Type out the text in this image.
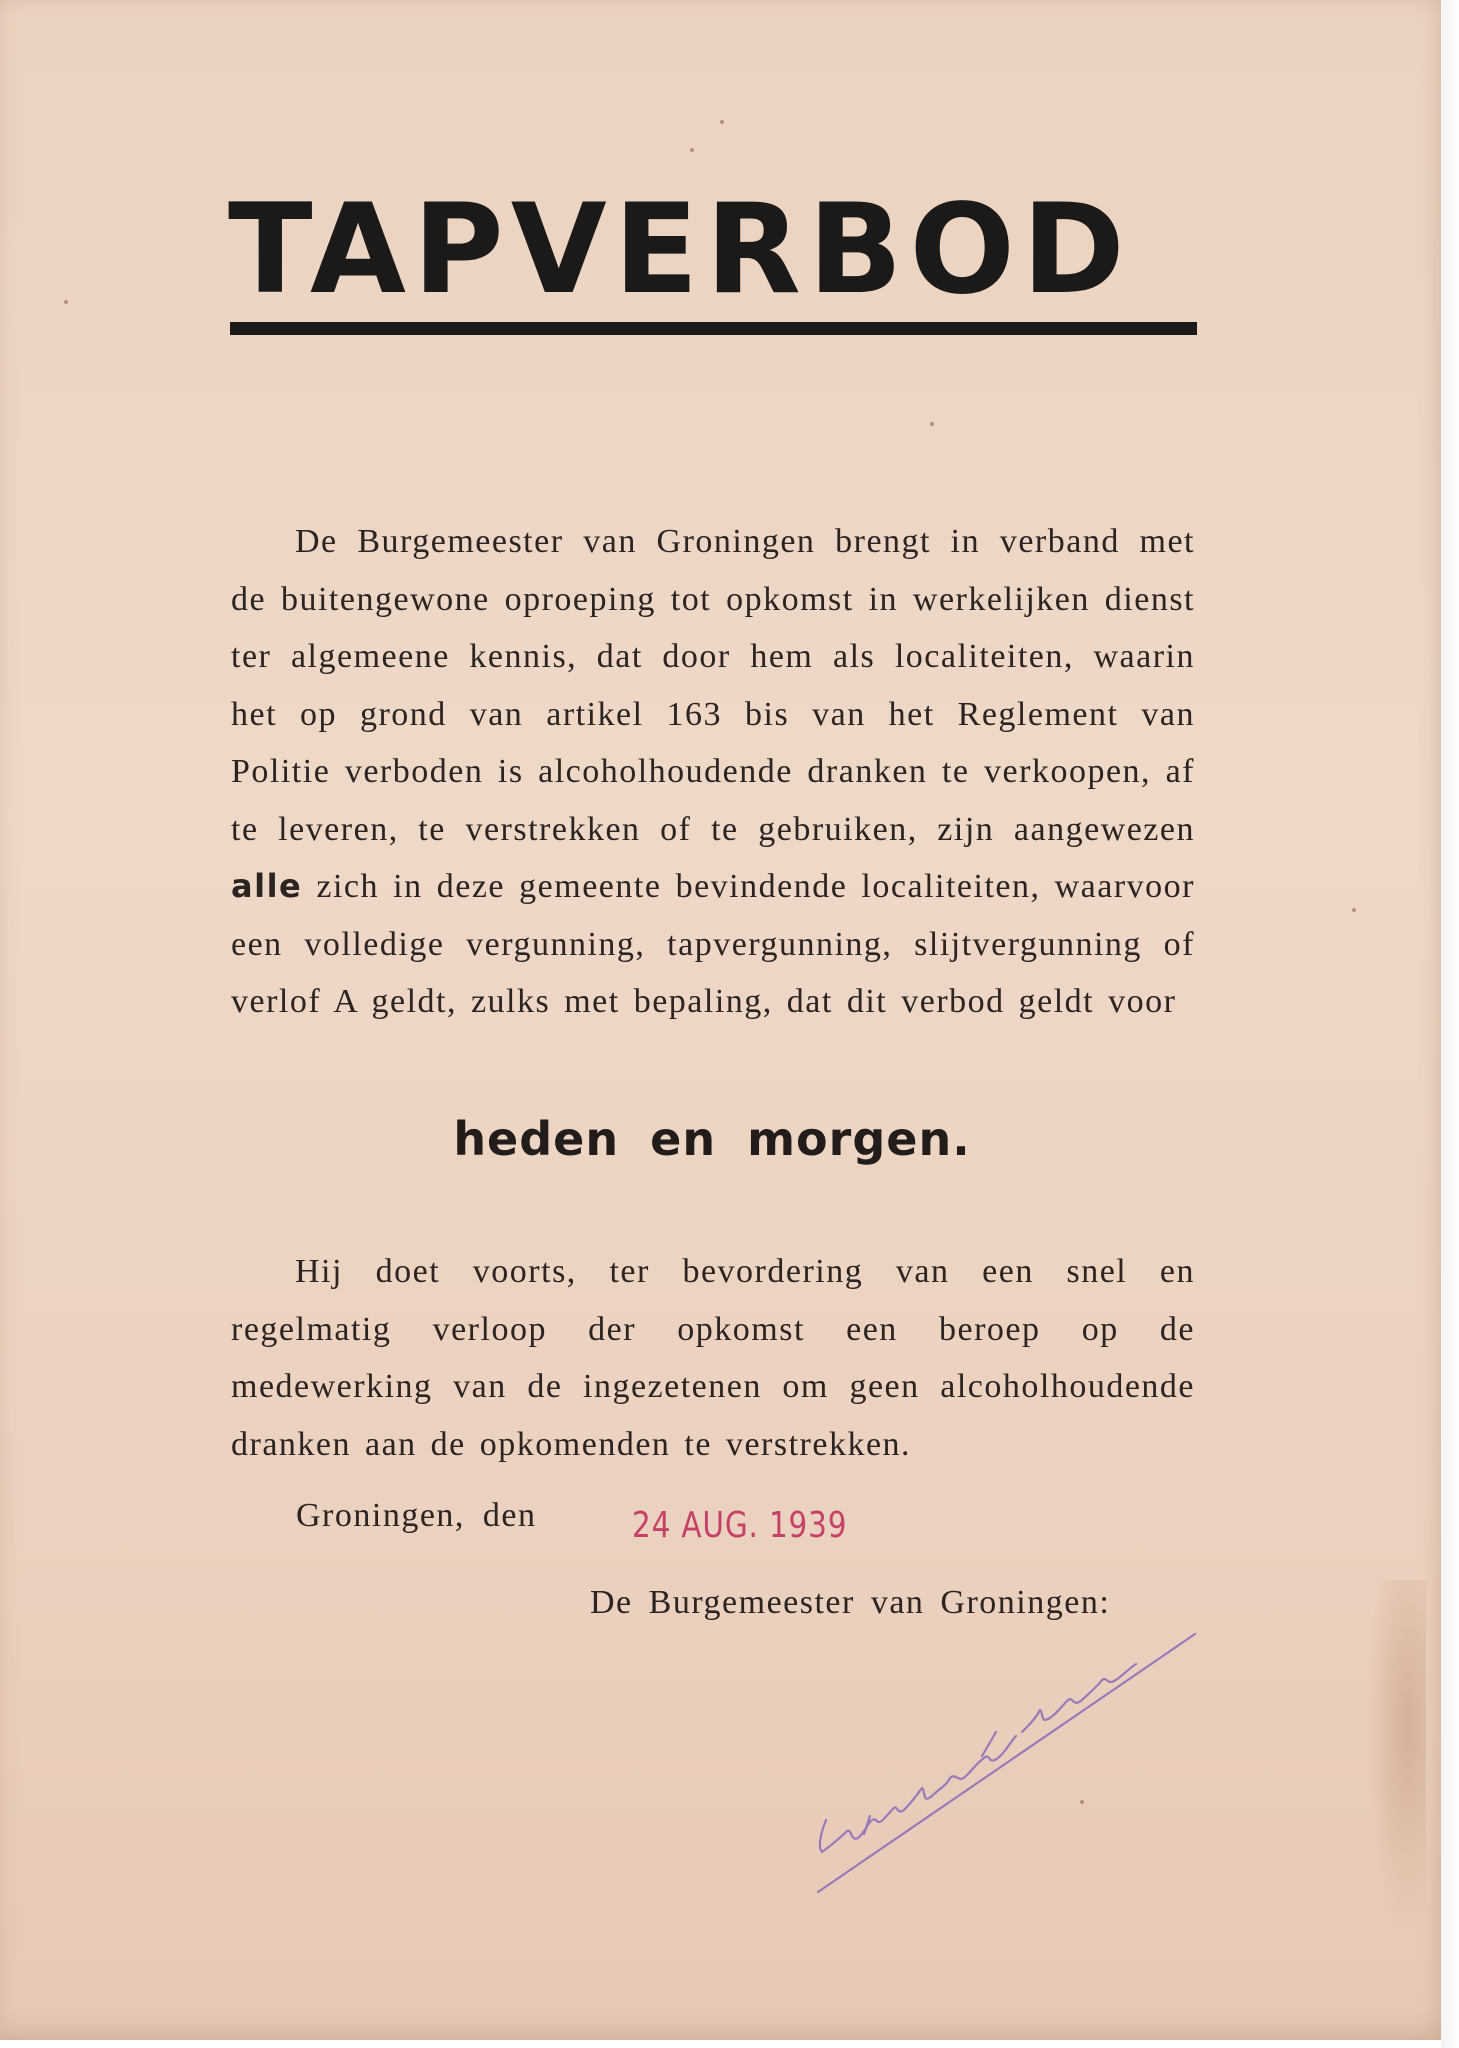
TAPVERBOD

De Burgemeester van Groningen brengt in verband met de buitengewone oproeping tot opkomst in werkelijken dienst ter algemeene kennis, dat door hem als localiteiten, waarin het op grond van artikel 163 bis van het Reglement van Politie verboden is alcoholhoudende dranken te verkoopen, af te leveren, te verstrekken of te gebruiken, zijn aangewezen alle zich in deze gemeente bevindende localiteiten, waarvoor een volledige vergunning, tapvergunning, slijtvergunning of verlof A geldt, zulks met bepaling, dat dit verbod geldt voor

heden en morgen.

Hij doet voorts, ter bevordering van een snel en regelmatig verloop der opkomst een beroep op de medewerking van de ingezetenen om geen alcoholhoudende dranken aan de opkomenden te verstrekken.

Groningen, den	24 AUG. 1939
De Burgemeester van Groningen:
